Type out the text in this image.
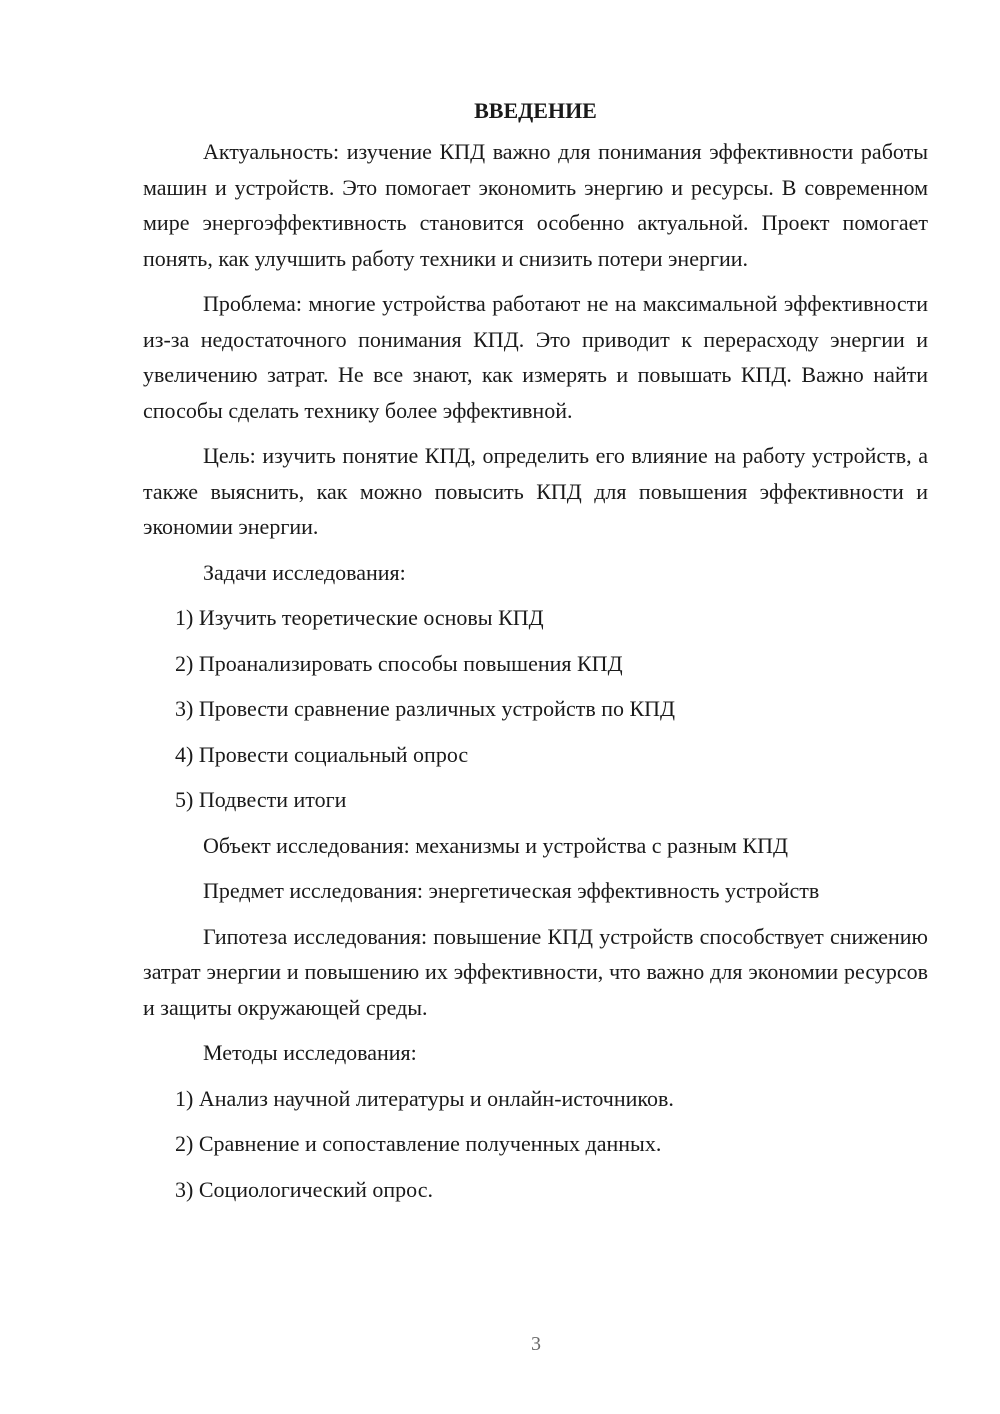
ВВЕДЕНИЕ

Актуальность: изучение КПД важно для понимания эффективности работы машин и устройств. Это помогает экономить энергию и ресурсы. В современном мире энергоэффективность становится особенно актуальной. Проект помогает понять, как улучшить работу техники и снизить потери энергии.

Проблема: многие устройства работают не на максимальной эффективности из-за недостаточного понимания КПД. Это приводит к перерасходу энергии и увеличению затрат. Не все знают, как измерять и повышать КПД. Важно найти способы сделать технику более эффективной.

Цель: изучить понятие КПД, определить его влияние на работу устройств, а также выяснить, как можно повысить КПД для повышения эффективности и экономии энергии.

Задачи исследования:
1) Изучить теоретические основы КПД
2) Проанализировать способы повышения КПД
3) Провести сравнение различных устройств по КПД
4) Провести социальный опрос
5) Подвести итоги
Объект исследования: механизмы и устройства с разным КПД
Предмет исследования: энергетическая эффективность устройств

Гипотеза исследования: повышение КПД устройств способствует снижению затрат энергии и повышению их эффективности, что важно для экономии ресурсов и защиты окружающей среды.

Методы исследования:
1) Анализ научной литературы и онлайн-источников.
2) Сравнение и сопоставление полученных данных.
3) Социологический опрос.
3
